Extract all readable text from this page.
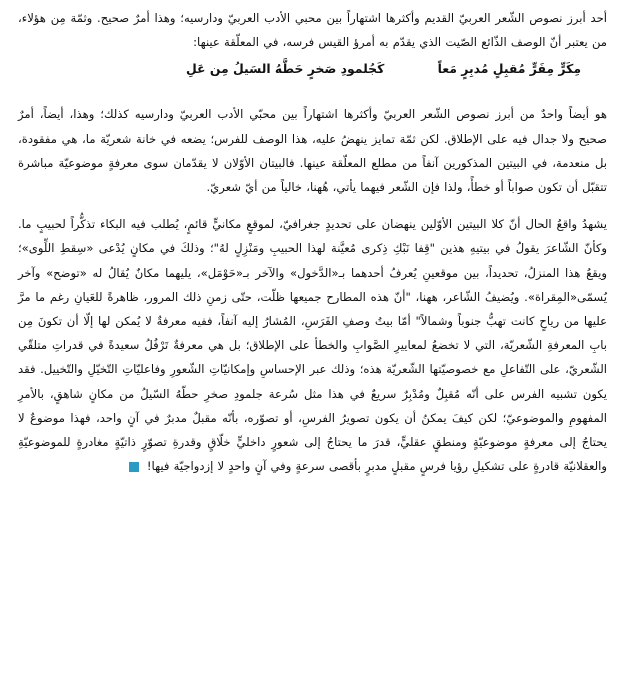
أحد أبرز نصوص الشّعر العربيّ القديم وأكثرها اشتهاراً بين محبي الأدب العربيّ ودارسيه؛ وهذا أمرٌ صحيح. وثمّة مِن هؤلاء، من يعتبر أنّ الوصف الذّائع الصّيت الذي يقدّم به أمرؤ القيس فرسه، في المعلّقة عينها:

مِكَرٍّ مِفَرٍّ مُقبِلٍ مُدبِرٍ مَعاً
كَجُلمودِ صَخرٍ حَطَّهُ السَيلُ مِن عَلِ

هو أيضاً واحدٌ من أبرز نصوص الشّعر العربيّ وأكثرها اشتهاراً بين محبّي الأدب العربيّ ودارسيه كذلك؛ وهذا، أيضاً، أمرٌ صحيح ولا جدال فيه على الإطلاق. لكن ثمّة تمايز ينهضُ عليه، هذا الوصف للفرس؛ يضعه في خانة شعريّة ما، هي مفقودة، بل منعدمة، في البيتين المذكورين آنفاً من مطلع المعلّقة عينها. فالبيتان الأوّلان لا يقدّمان سوى معرفةٍ موضوعيّة مباشرة تتقبّل أن تكون صواباً أو خطأً، ولذا فإن الشّعر فيهما يأتي، هُهنا، خالياً من أيّ شعريّ.

يشهدُ واقعُ الحال أنّ كلا البيتين الأوّلين ينهضان على تحديدٍ جغرافيّ، لموقعٍ مكانيٍّ قائمٍ، يُطلب فيه البكاء تذكُّراً لحبيبٍ ما. وكأنّ الشّاعرَ يقولُ في بيتيهِ هذين "قِفا نَبْكِ ذِكرى مُعيَّنة لهذا الحبيبِ ومَنْزِلٍ لهُ"؛ وذلكَ في مكانٍ يُدْعى «سِقطِ اللِّوى»؛ ويقعُ هذا المنزلُ، تحديداً، بين موقعينِ يُعرفُ أحدهما بـ«الدَّخول» والآخر بـ«حَوْمَل»، يليهما مكانٌ يُقالُ له «توضح» وآخر يُسمّى«المِقراة». ويُضيفُ الشّاعر، ههنا، "أنّ هذه المطارح جميعها ظلّت، حتّى زمنِ ذلك المرور، ظاهرةً للعَيانِ رغم ما مرَّ عليها من رياحٍ كانت تهبُّ جنوباً وشمالاً" أمّا بيتُ وصفِ الفَرَسِ، المُشارُ إليه آنفاً، ففيه معرفةٌ لا يُمكن لها إلّا أن تكونَ مِن بابِ المعرفةِ الشّعريّة، التي لا تخضعُ لمعاييرِ الصَّوابِ والخطأ على الإطلاق؛ بل هي معرفةٌ تَرْفُلُ سعيدةً في قدراتِ متلقّي الشّعريّ، على التّفاعلِ مع خصوصيّتها الشّعريّة هذه؛ وذلك عبر الإحساسِ وإمكانيّاتِ الشّعورِ وفاعليّاتِ التّخيّلِ والتّخييل. فقد يكون تشبيه الفرس على أنّه مُقبِلٌ ومُدْبِرٌ سريعٌ في هذا مثل سُرعة جلمودِ صخرِ حطّهُ السّيلُ من مكانٍ شاهقٍ، بالأمرِ المفهومِ والموضوعيّ؛ لكن كيفَ يمكنُ أن يكون تصويرُ الفرسِ، أو تصوّره، بأنّه مقبلٌ مدبرٌ في آنٍ واحد، فهذا موضوعٌ لا يحتاجُ إلى معرفةٍ موضوعيّةٍ ومنطقٍ عقليٍّ، قدرَ ما يحتاجُ إلى شعورٍ داخليٍّ خلّاقٍ وقدرةِ تصوّرٍ ذاتيّةٍ مغادرةٍ للموضوعيّةِ والعقلانيّة قادرةٍ على تشكيلِ رؤيا فرسٍ مقبلٍ مدبرٍ بأقصى سرعةٍ وفي آنٍ واحدٍ لا إزدواجيّة فيها!
